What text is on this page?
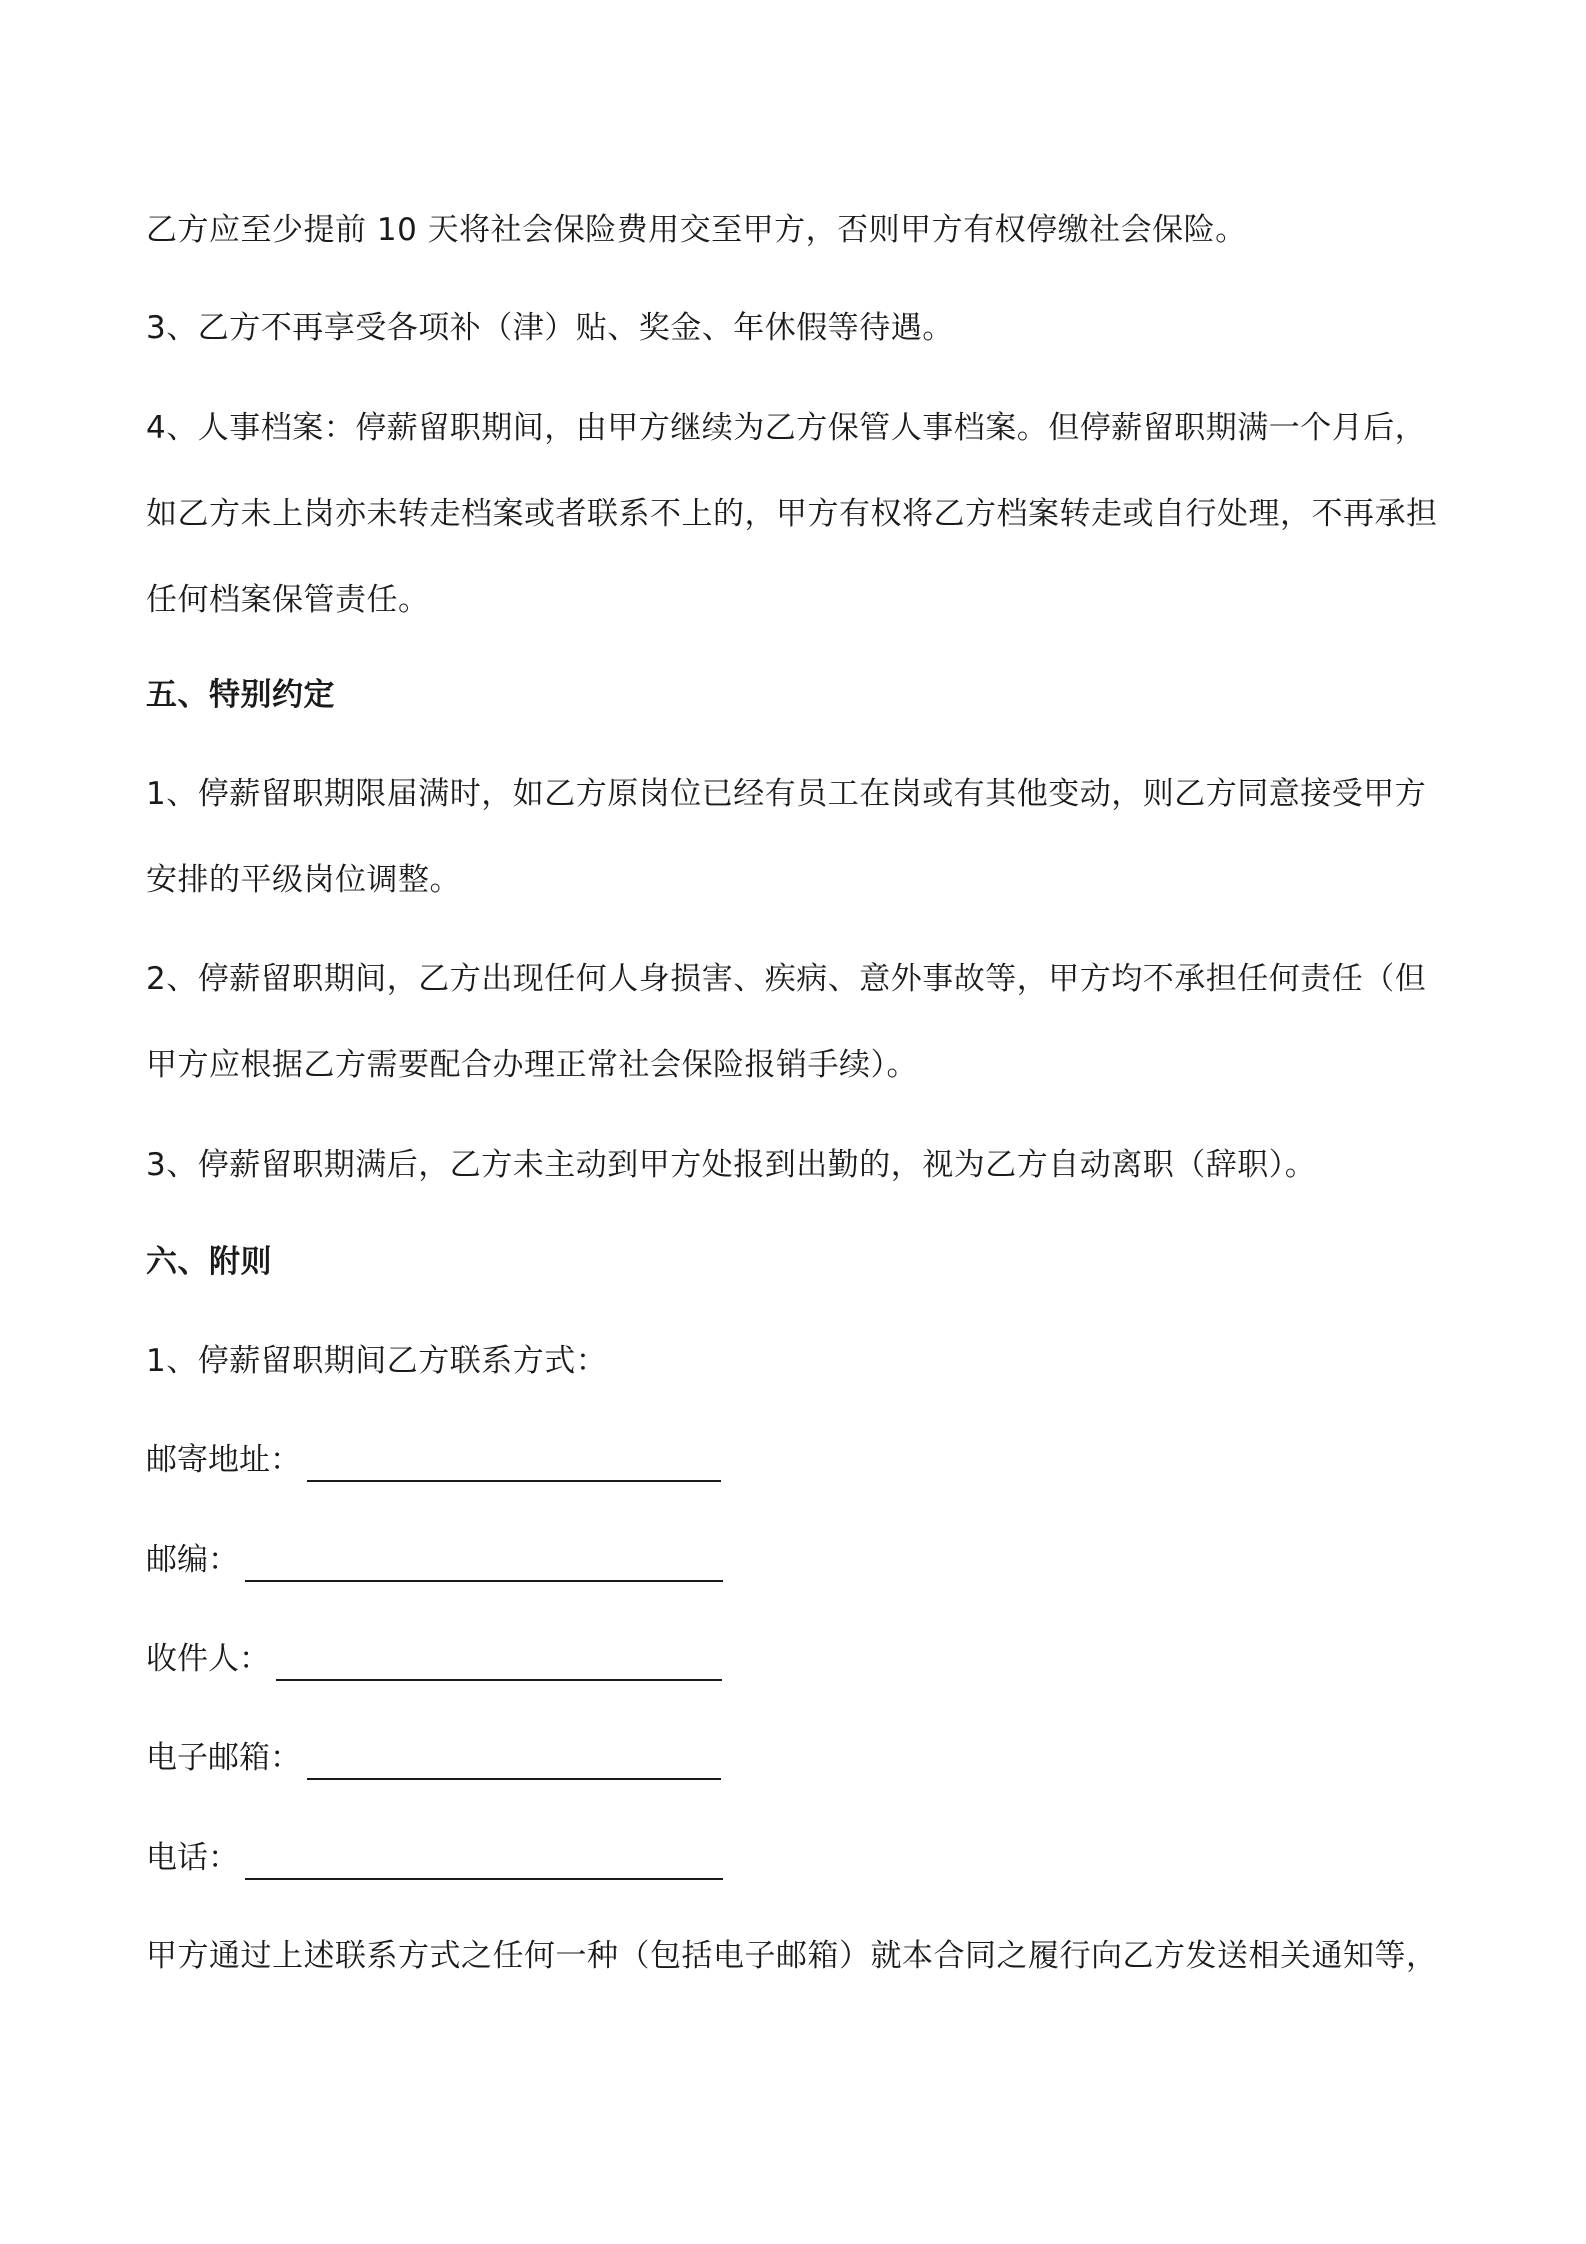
乙方应至少提前 10 天将社会保险费用交至甲方，否则甲方有权停缴社会保险。
3、乙方不再享受各项补（津）贴、奖金、年休假等待遇。
4、人事档案：停薪留职期间，由甲方继续为乙方保管人事档案。但停薪留职期满一个月后，
如乙方未上岗亦未转走档案或者联系不上的，甲方有权将乙方档案转走或自行处理，不再承担
任何档案保管责任。
五、特别约定
1、停薪留职期限届满时，如乙方原岗位已经有员工在岗或有其他变动，则乙方同意接受甲方
安排的平级岗位调整。
2、停薪留职期间，乙方出现任何人身损害、疾病、意外事故等，甲方均不承担任何责任（但
甲方应根据乙方需要配合办理正常社会保险报销手续）。
3、停薪留职期满后，乙方未主动到甲方处报到出勤的，视为乙方自动离职（辞职）。
六、附则
1、停薪留职期间乙方联系方式：
邮寄地址：
邮编：
收件人：
电子邮箱：
电话：
甲方通过上述联系方式之任何一种（包括电子邮箱）就本合同之履行向乙方发送相关通知等，
